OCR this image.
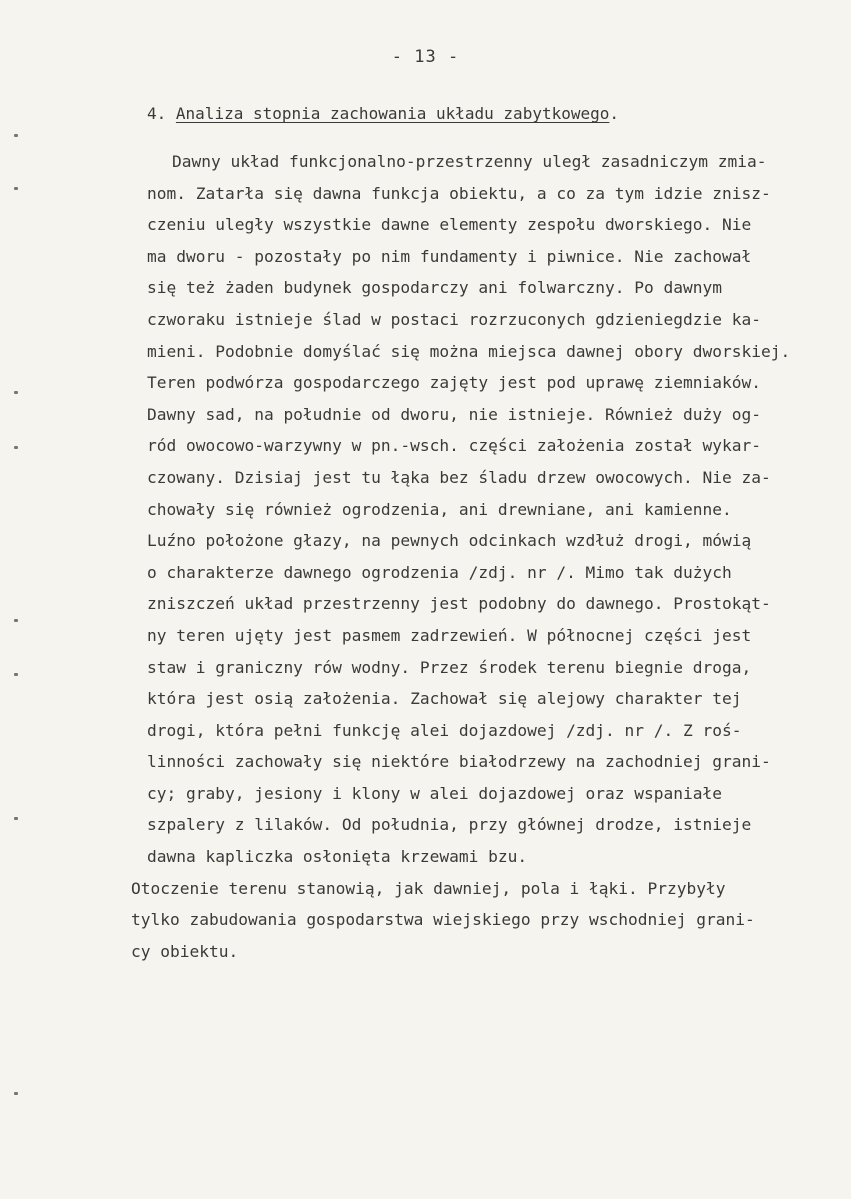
- 13 -
4. Analiza stopnia zachowania układu zabytkowego.
Dawny układ funkcjonalno-przestrzenny uległ zasadniczym zmia-
nom. Zatarła się dawna funkcja obiektu, a co za tym idzie znisz-
czeniu uległy wszystkie dawne elementy zespołu dworskiego. Nie
ma dworu - pozostały po nim fundamenty i piwnice. Nie zachował
się też żaden budynek gospodarczy ani folwarczny. Po dawnym
czworaku istnieje ślad w postaci rozrzuconych gdzieniegdzie ka-
mieni. Podobnie domyślać się można miejsca dawnej obory dworskiej.
Teren podwórza gospodarczego zajęty jest pod uprawę ziemniaków.
Dawny sad, na południe od dworu, nie istnieje. Również duży og-
ród owocowo-warzywny w pn.-wsch. części założenia został wykar-
czowany. Dzisiaj jest tu łąka bez śladu drzew owocowych. Nie za-
chowały się również ogrodzenia, ani drewniane, ani kamienne.
Luźno położone głazy, na pewnych odcinkach wzdłuż drogi, mówią
o charakterze dawnego ogrodzenia /zdj. nr /. Mimo tak dużych
zniszczeń układ przestrzenny jest podobny do dawnego. Prostokąt-
ny teren ujęty jest pasmem zadrzewień. W północnej części jest
staw i graniczny rów wodny. Przez środek terenu biegnie droga,
która jest osią założenia. Zachował się alejowy charakter tej
drogi, która pełni funkcję alei dojazdowej /zdj. nr /. Z roś-
linności zachowały się niektóre białodrzewy na zachodniej grani-
cy; graby, jesiony i klony w alei dojazdowej oraz wspaniałe
szpalery z lilaków. Od południa, przy głównej drodze, istnieje
dawna kapliczka osłonięta krzewami bzu.
Otoczenie terenu stanowią, jak dawniej, pola i łąki. Przybyły
tylko zabudowania gospodarstwa wiejskiego przy wschodniej grani-
cy obiektu.
